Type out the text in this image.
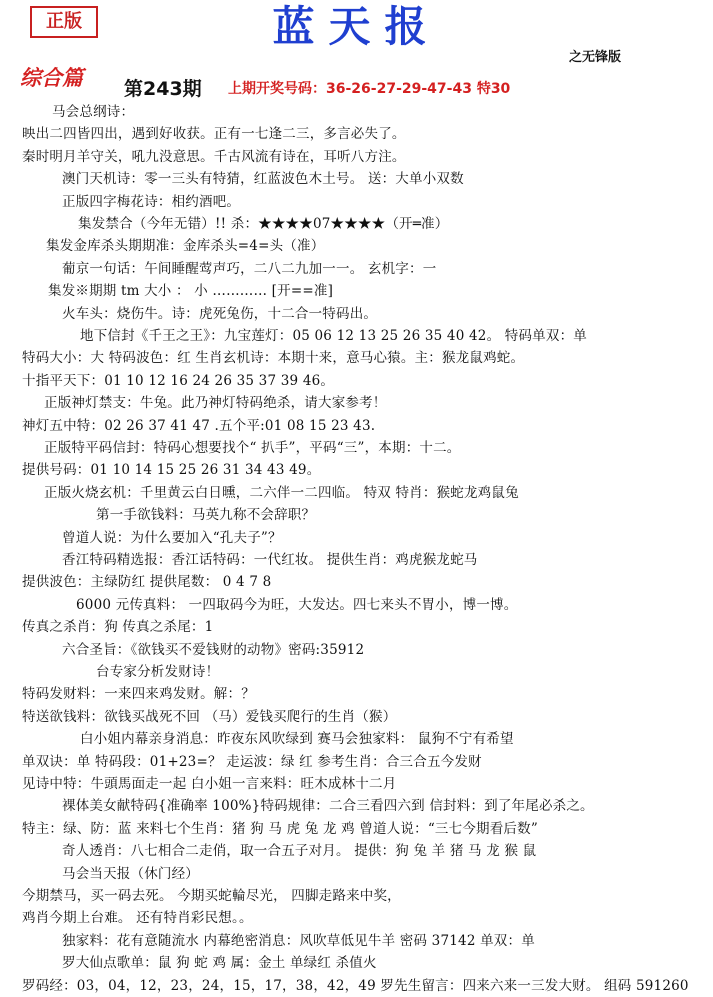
正版	蓝天报
之无锋版
综合篇 第243期 上期开奖号码：36-26-27-29-47-43 特30
马会总纲诗：
映出二四皆四出，遇到好收获。正有一七逢二三，多言必失了。
秦时明月羊守关，吼九没意思。千古风流有诗在，耳听八方注。
澳门天机诗：零一三头有特猜，红蓝波色木土号。 送：大单小双数
正版四字梅花诗：相约酒吧。
集发禁合（今年无错）!! 杀：★★★★07★★★★（开═准）
集发金库杀头期期准：金库杀头=4=头（准）
葡京一句话：午间睡醒莺声巧，二八二九加一一。 玄机字：一
集发※期期 tm 大小 ： 小 ………… [开==准]
火车头：烧伤牛。诗：虎死兔伤，十二合一特码出。
地下信封《千王之王》：九宝莲灯：05 06 12 13 25 26 35 40 42。 特码单双：单
特码大小：大 特码波色：红 生肖玄机诗：本期十来，意马心猿。主：猴龙鼠鸡蛇。
十指平天下：01 10 12 16 24 26 35 37 39 46。
正版神灯禁支：牛兔。此乃神灯特码绝杀，请大家参考！
神灯五中特：02 26 37 41 47 .五个平:01 08 15 23 43.
正版特平码信封：特码心想要找个“ 扒手”，平码“三”，本期：十二。
提供号码：01 10 14 15 25 26 31 34 43 49。
正版火烧玄机：千里黄云白日曛，二六伴一二四临。 特双 特肖：猴蛇龙鸡鼠兔
第一手欲钱料：马英九称不会辞职？
曾道人说：为什么要加入“孔夫子”？
香江特码精选报：香江话特码：一代红妆。 提供生肖：鸡虎猴龙蛇马
提供波色：主绿防红 提供尾数： 0 4 7 8
6000 元传真料： 一四取码今为旺，大发达。四七来头不胃小，博一博。
传真之杀肖：狗 传真之杀尾：1
六合圣旨：《欲钱买不爱钱财的动物》密码:35912
台专家分析发财诗！
特码发财料：一来四来鸡发财。解：？
特送欲钱料：欲钱买战死不回 （马）爱钱买爬行的生肖（猴）
白小姐内幕亲身消息：昨夜东风吹绿到 赛马会独家料： 鼠狗不宁有希望
单双诀：单 特码段：01+23=？ 走运波：绿 红 参考生肖：合三合五今发财
见诗中特：牛頭馬面走一起 白小姐一言来料：旺木成林十二月
裸体美女献特码{准确率 100%}特码规律：二合三看四六到 信封料：到了年尾必杀之。
特主：绿、防：蓝 来料七个生肖：猪 狗 马 虎 兔 龙 鸡 曾道人说：“三七今期看后数”
奇人透肖：八七相合二走俏，取一合五子对月。 提供：狗 兔 羊 猪 马 龙 猴 鼠
马会当天报（休门经）
今期禁马，买一码去死。 今期买蛇輪尽光， 四脚走路来中奖，
鸡肖今期上台难。 还有特肖彩民想。。
独家料：花有意随流水 内幕绝密消息：风吹草低见牛羊 密码 37142 单双：单
罗大仙点歌单：鼠 狗 蛇 鸡 属：金土 单绿红 杀值火
罗码经：03，04，12，23，24，15，17，38，42，49 罗先生留言：四来六来一三发大财。 组码 591260
